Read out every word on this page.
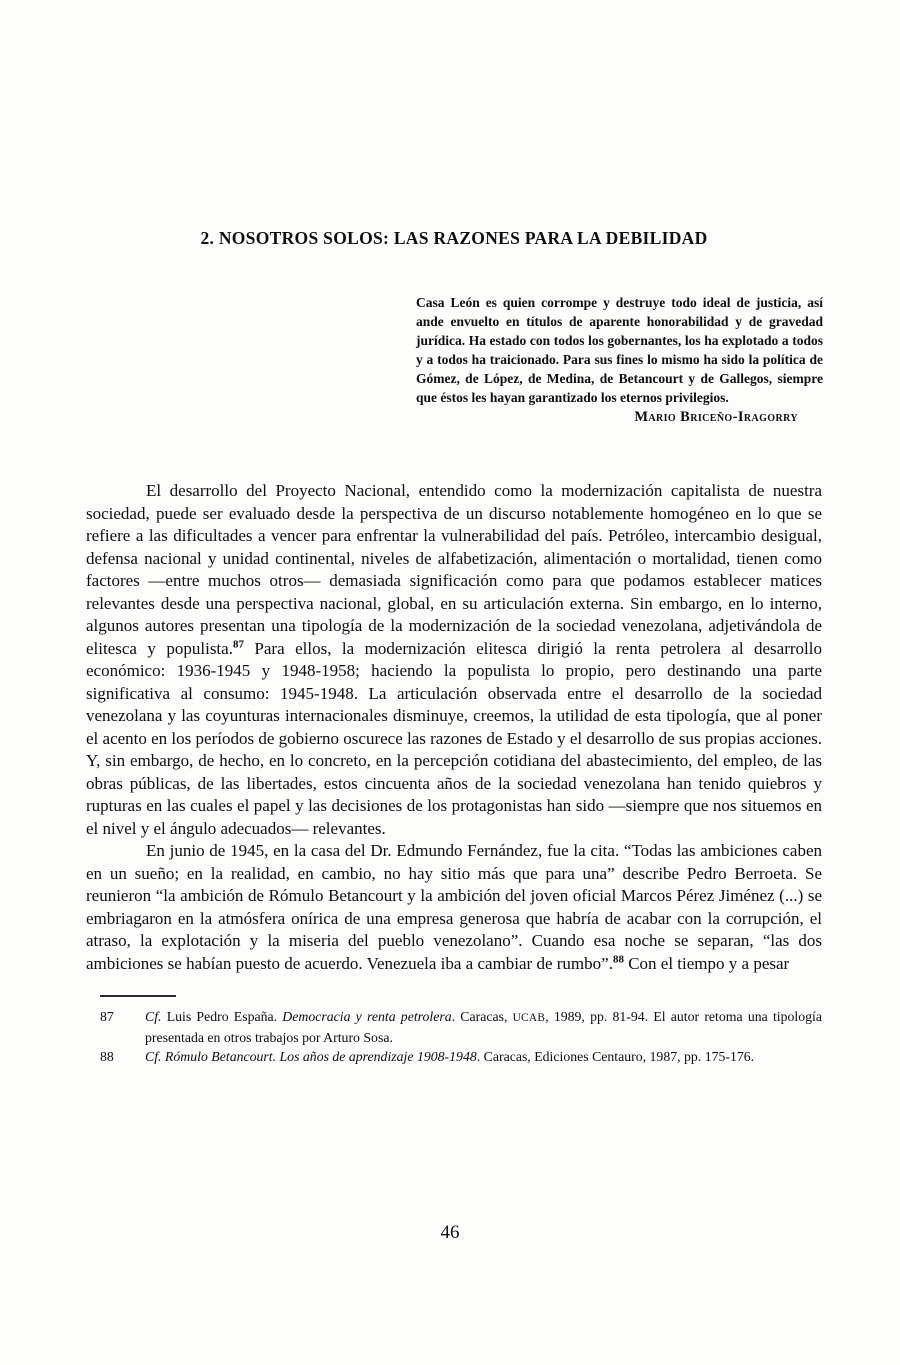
2. NOSOTROS SOLOS: LAS RAZONES PARA LA DEBILIDAD

Casa León es quien corrompe y destruye todo ideal de justicia, así ande envuelto en títulos de aparente honorabilidad y de gravedad jurídica. Ha estado con todos los gobernantes, los ha explotado a todos y a todos ha traicionado. Para sus fines lo mismo ha sido la política de Gómez, de López, de Medina, de Betancourt y de Gallegos, siempre que éstos les hayan garantizado los eternos privilegios.

Mario Briceño-Iragorry

El desarrollo del Proyecto Nacional, entendido como la modernización capitalista de nuestra sociedad, puede ser evaluado desde la perspectiva de un discurso notablemente homogéneo en lo que se refiere a las dificultades a vencer para enfrentar la vulnerabilidad del país. Petróleo, intercambio desigual, defensa nacional y unidad continental, niveles de alfabetización, alimentación o mortalidad, tienen como factores —entre muchos otros— demasiada significación como para que podamos establecer matices relevantes desde una perspectiva nacional, global, en su articulación externa. Sin embargo, en lo interno, algunos autores presentan una tipología de la modernización de la sociedad venezolana, adjetivándola de elitesca y populista.$^{87}$ Para ellos, la modernización elitesca dirigió la renta petrolera al desarrollo económico: 1936-1945 y 1948-1958; haciendo la populista lo propio, pero destinando una parte significativa al consumo: 1945-1948. La articulación observada entre el desarrollo de la sociedad venezolana y las coyunturas internacionales disminuye, creemos, la utilidad de esta tipología, que al poner el acento en los períodos de gobierno oscurece las razones de Estado y el desarrollo de sus propias acciones. Y, sin embargo, de hecho, en lo concreto, en la percepción cotidiana del abastecimiento, del empleo, de las obras públicas, de las libertades, estos cincuenta años de la sociedad venezolana han tenido quiebros y rupturas en las cuales el papel y las decisiones de los protagonistas han sido —siempre que nos situemos en el nivel y el ángulo adecuados— relevantes.

En junio de 1945, en la casa del Dr. Edmundo Fernández, fue la cita. “Todas las ambiciones caben en un sueño; en la realidad, en cambio, no hay sitio más que para una” describe Pedro Berroeta. Se reunieron “la ambición de Rómulo Betancourt y la ambición del joven oficial Marcos Pérez Jiménez (...) se embriagaron en la atmósfera onírica de una empresa generosa que habría de acabar con la corrupción, el atraso, la explotación y la miseria del pueblo venezolano”. Cuando esa noche se separan, “las dos ambiciones se habían puesto de acuerdo. Venezuela iba a cambiar de rumbo”.$^{88}$ Con el tiempo y a pesar

87	Cf. Luis Pedro España. Democracia y renta petrolera. Caracas, UCAB, 1989, pp. 81-94. El autor retoma una tipología presentada en otros trabajos por Arturo Sosa.
88	Cf. Rómulo Betancourt. Los años de aprendizaje 1908-1948. Caracas, Ediciones Centauro, 1987, pp. 175-176.
46
